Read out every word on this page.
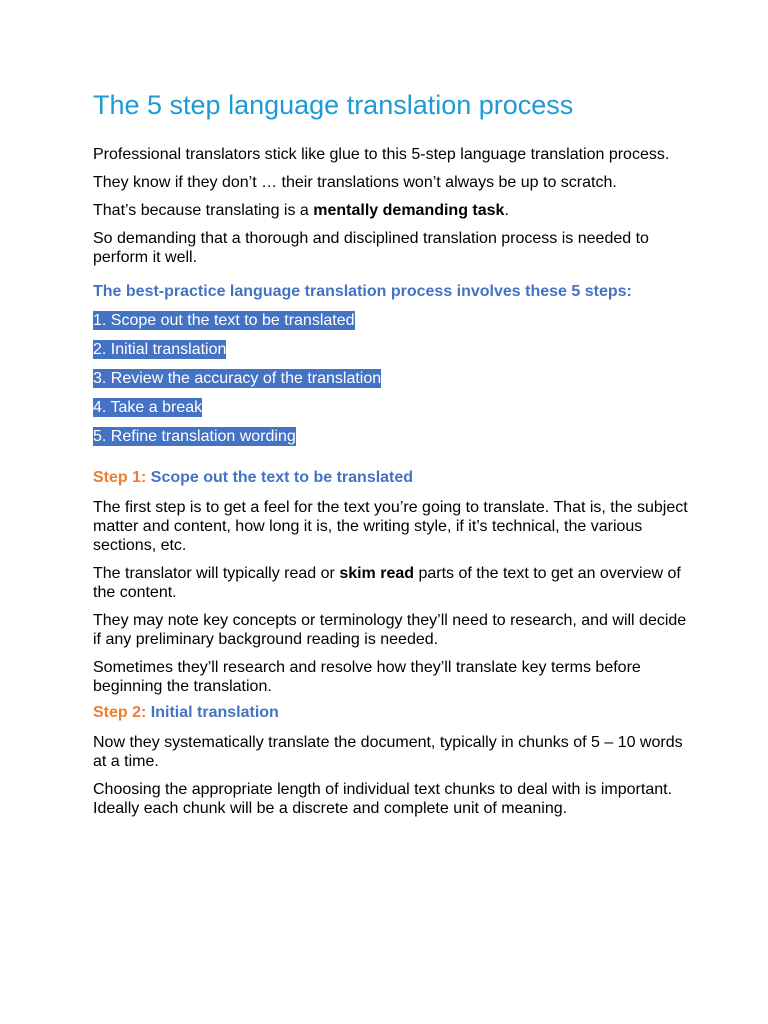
The 5 step language translation process

Professional translators stick like glue to this 5-step language translation process.

They know if they don’t … their translations won’t always be up to scratch.

That’s because translating is a mentally demanding task.

So demanding that a thorough and disciplined translation process is needed to perform it well.

The best-practice language translation process involves these 5 steps:
1. Scope out the text to be translated
2. Initial translation
3. Review the accuracy of the translation
4. Take a break
5. Refine translation wording
Step 1: Scope out the text to be translated

The first step is to get a feel for the text you’re going to translate. That is, the subject matter and content, how long it is, the writing style, if it’s technical, the various sections, etc.

The translator will typically read or skim read parts of the text to get an overview of the content.

They may note key concepts or terminology they’ll need to research, and will decide if any preliminary background reading is needed.

Sometimes they’ll research and resolve how they’ll translate key terms before beginning the translation.

Step 2: Initial translation

Now they systematically translate the document, typically in chunks of 5 – 10 words at a time.

Choosing the appropriate length of individual text chunks to deal with is important. Ideally each chunk will be a discrete and complete unit of meaning.
